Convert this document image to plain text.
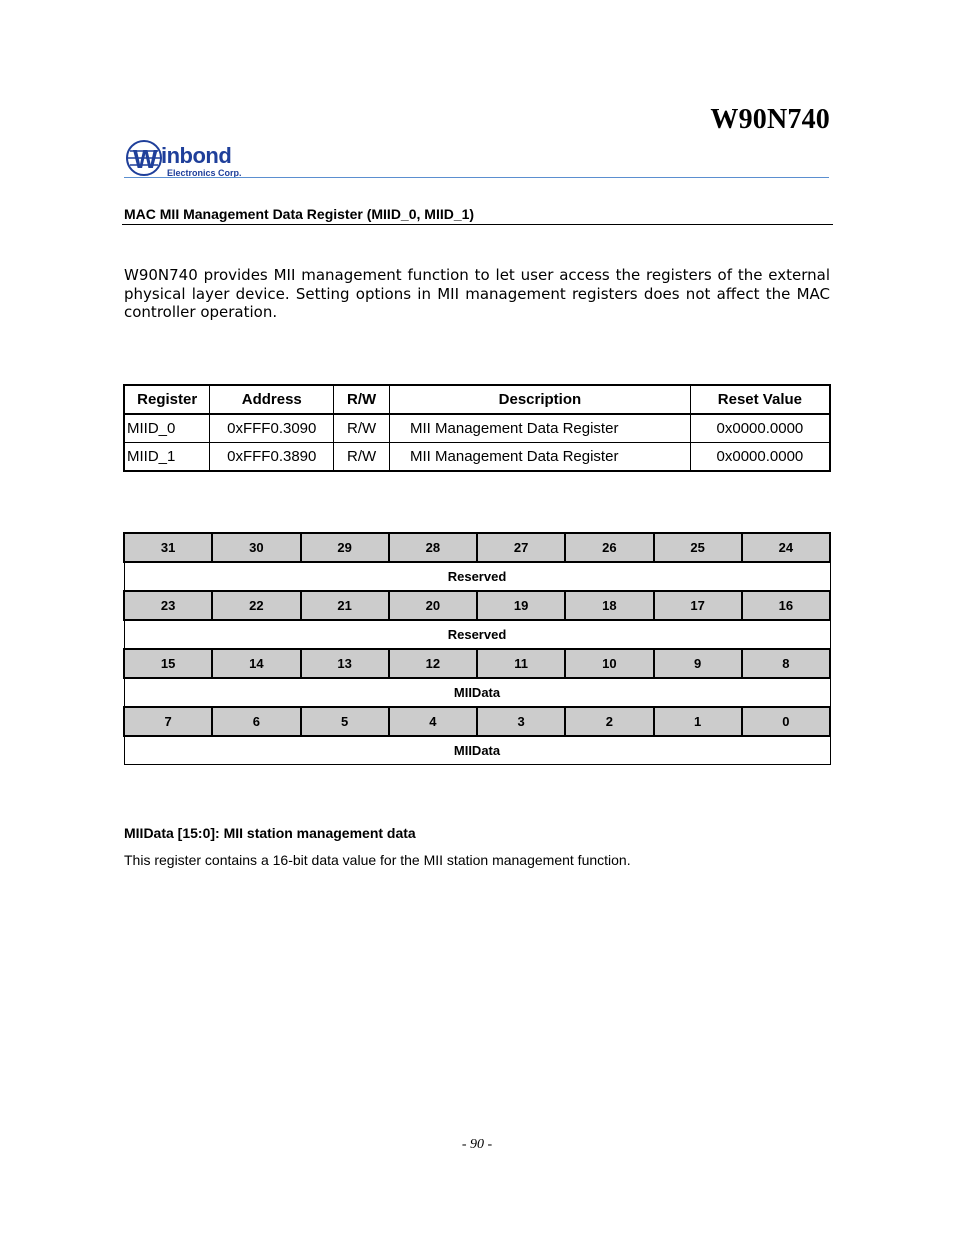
W90N740
W inbond
Electronics Corp.
MAC MII Management Data Register (MIID_0, MIID_1)
W90N740 provides MII management function to let user access the registers of the external physical layer device. Setting options in MII management registers does not affect the MAC controller operation.
Register	Address	R/W	Description	Reset Value
MIID_0	0xFFF0.3090	R/W	MII Management Data Register	0x0000.0000
MIID_1	0xFFF0.3890	R/W	MII Management Data Register	0x0000.0000
31	30	29	28	27	26	25	24
Reserved							
23	22	21	20	19	18	17	16
Reserved							
15	14	13	12	11	10	9	8
MIIData							
7	6	5	4	3	2	1	0
MIIData							
MIIData [15:0]: MII station management data
This register contains a 16-bit data value for the MII station management function.
- 90 -
